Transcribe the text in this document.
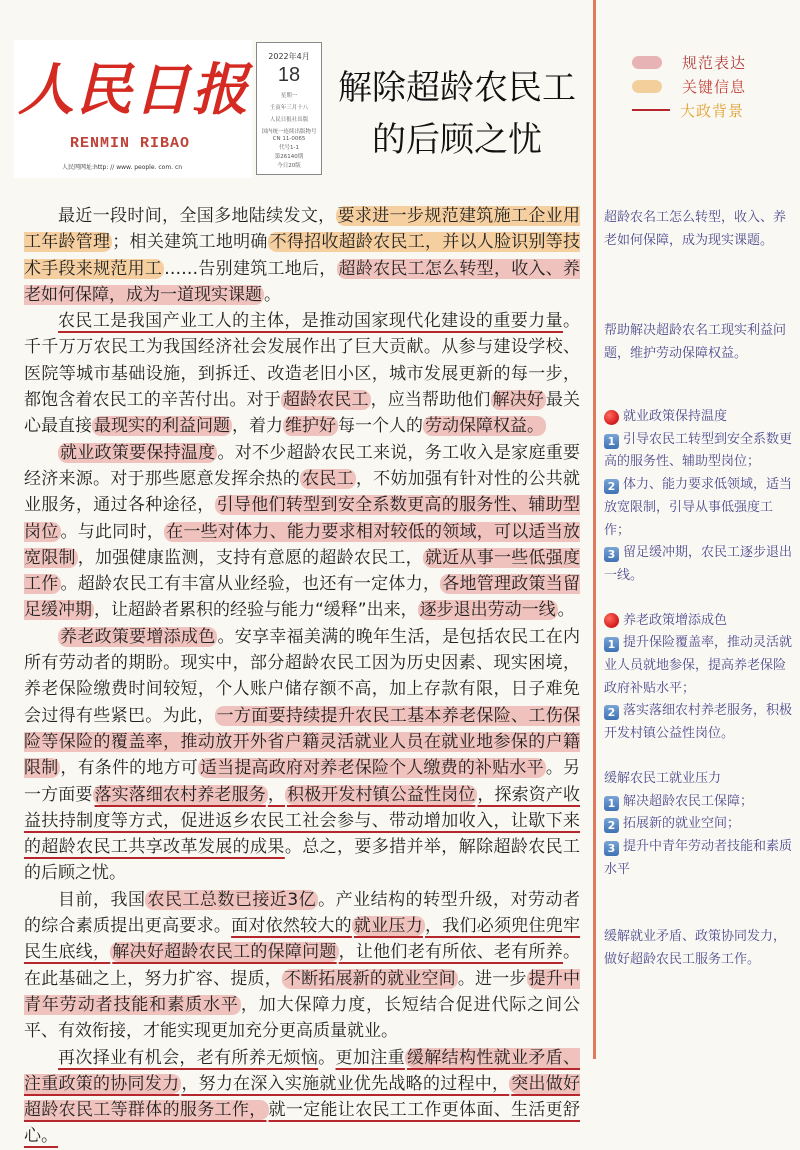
人民日报
RENMIN RIBAO
人民网网址:http: // www. people. com. cn
2022年4月
18
星期一
壬寅年三月十八
人民日报社出版
国内统一连续出版物号
CN 11-0065
代号1-1
第26140期
今日20版
解除超龄农民工
的后顾之忧
规范表达
关键信息
大政背景

最近一段时间，全国多地陆续发文， 要求进一步规范建筑施工企业用工年龄管理 ；相关建筑工地明确 不得招收超龄农民工，并以人脸识别等技术手段来规范用工 ……告别建筑工地后， 超龄农民工怎么转型，收入、养老如何保障，成为一道现实课题 。

农民工是我国产业工人的主体，是推动国家现代化建设的重要力量。千千万万农民工为我国经济社会发展作出了巨大贡献。从参与建设学校、医院等城市基础设施，到拆迁、改造老旧小区，城市发展更新的每一步，都饱含着农民工的辛苦付出。对于 超龄农民工 ，应当帮助他们 解决好 最关心最直接 最现实的利益问题 ，着力 维护好 每一个人的 劳动保障权益。

就业政策要保持温度 。对不少超龄农民工来说，务工收入是家庭重要经济来源。对于那些愿意发挥余热的 农民工 ，不妨加强有针对性的公共就业服务，通过各种途径， 引导他们转型到安全系数更高的服务性、辅助型岗位 。与此同时， 在一些对体力、能力要求相对较低的领域，可以适当放宽限制 ，加强健康监测，支持有意愿的超龄农民工， 就近从事一些低强度工作 。超龄农民工有丰富从业经验，也还有一定体力， 各地管理政策当留足缓冲期 ，让超龄者累积的经验与能力“缓释”出来， 逐步退出劳动一线 。

养老政策要增添成色 。安享幸福美满的晚年生活，是包括农民工在内所有劳动者的期盼。现实中，部分超龄农民工因为历史因素、现实困境，养老保险缴费时间较短，个人账户储存额不高，加上存款有限，日子难免会过得有些紧巴。为此， 一方面要持续提升农民工基本养老保险、工伤保险等保险的覆盖率，推动放开外省户籍灵活就业人员在就业地参保的户籍限制 ，有条件的地方可 适当提高政府对养老保险个人缴费的补贴水平 。另一方面要 落实落细农村养老服务 ， 积极开发村镇公益性岗位 ，探索资产收益扶持制度等方式，促进返乡农民工社会参与、带动增加收入，让歇下来的超龄农民工共享改革发展的成果。总之，要多措并举，解除超龄农民工的后顾之忧。

目前，我国 农民工总数已接近3亿 。产业结构的转型升级，对劳动者的综合素质提出更高要求。面对依然较大的 就业压力 ，我们必须兜住兜牢民生底线， 解决好超龄农民工的保障问题 ，让他们老有所依、老有所养。在此基础之上，努力扩容、提质， 不断拓展新的就业空间 。进一步 提升中青年劳动者技能和素质水平 ，加大保障力度，长短结合促进代际之间公平、有效衔接，才能实现更加充分更高质量就业。

再次择业有机会，老有所养无烦恼。更加注重 缓解结构性就业矛盾、注重政策的协同发力 ，努力在深入实施就业优先战略的过程中， 突出做好超龄农民工等群体的服务工作， 就一定能让农民工工作更体面、生活更舒心。

超龄农名工怎么转型，收入、养老如何保障，成为现实课题。
帮助解决超龄农名工现实利益问题，维护劳动保障权益。
就业政策保持温度
1 引导农民工转型到安全系数更高的服务性、辅助型岗位；
2 体力、能力要求低领域，适当放宽限制，引导从事低强度工作；
3 留足缓冲期，农民工逐步退出一线。
养老政策增添成色
1 提升保险覆盖率，推动灵活就业人员就地参保，提高养老保险政府补贴水平；
2 落实落细农村养老服务，积极开发村镇公益性岗位。
缓解农民工就业压力
1 解决超龄农民工保障；
2 拓展新的就业空间；
3 提升中青年劳动者技能和素质水平
缓解就业矛盾、政策协同发力，做好超龄农民工服务工作。
